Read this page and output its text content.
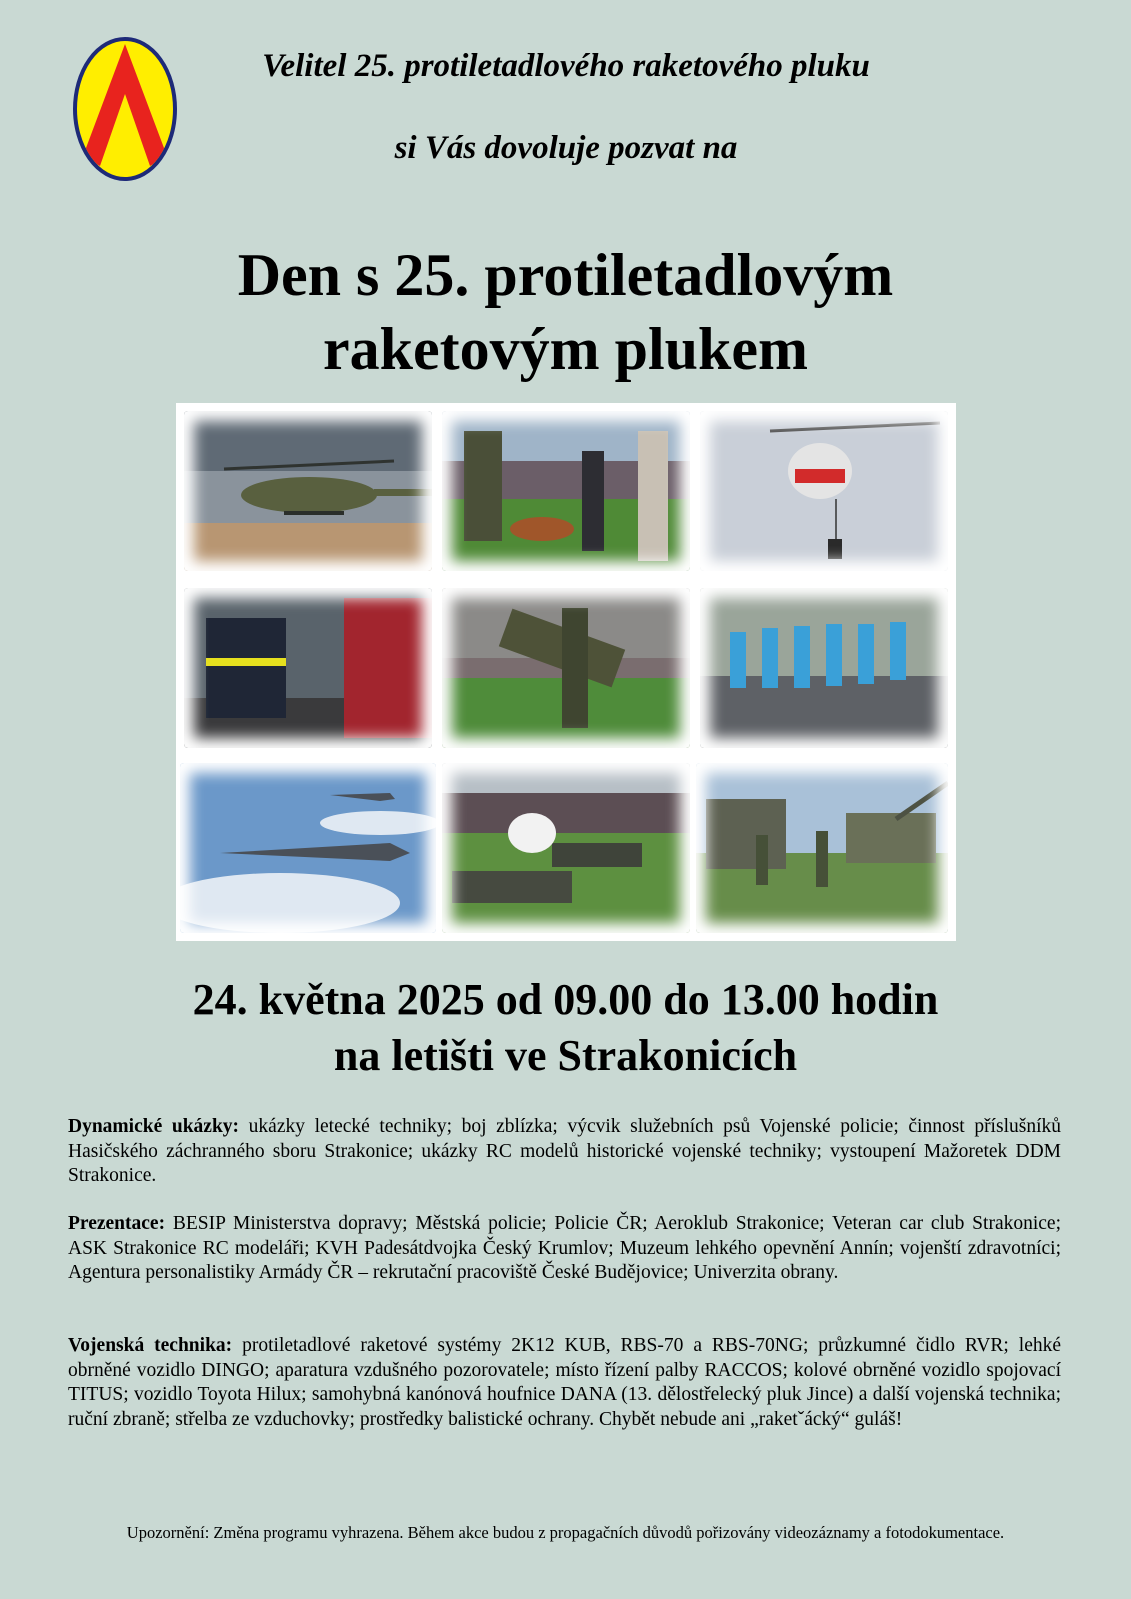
Velitel 25. protiletadlového raketového pluku
si Vás dovoluje pozvat na
Den s 25. protiletadlovým
raketovým plukem
24. května 2025 od 09.00 do 13.00 hodin
na letišti ve Strakonicích
Dynamické ukázky: ukázky letecké techniky; boj zblízka; výcvik služebních psů Vojenské policie; činnost příslušníků Hasičského záchranného sboru Strakonice; ukázky RC modelů historické vojenské techniky; vystoupení Mažoretek DDM Strakonice.
Prezentace: BESIP Ministerstva dopravy; Městská policie; Policie ČR; Aeroklub Strakonice; Veteran car club Strakonice; ASK Strakonice RC modeláři; KVH Padesátdvojka Český Krumlov; Muzeum lehkého opevnění Annín; vojenští zdravotníci; Agentura personalistiky Armády ČR – rekrutační pracoviště České Budějovice; Univerzita obrany.
Vojenská technika: protiletadlové raketové systémy 2K12 KUB, RBS-70 a RBS-70NG; průzkumné čidlo RVR; lehké obrněné vozidlo DINGO; aparatura vzdušného pozorovatele; místo řízení palby RACCOS; kolové obrněné vozidlo spojovací TITUS; vozidlo Toyota Hilux; samohybná kanónová houfnice DANA (13. dělostřelecký pluk Jince) a další vojenská technika; ruční zbraně; střelba ze vzduchovky; prostředky balistické ochrany. Chybět nebude ani „raketˇácký“ guláš!
Upozornění: Změna programu vyhrazena. Během akce budou z propagačních důvodů pořizovány videozáznamy a fotodokumentace.
